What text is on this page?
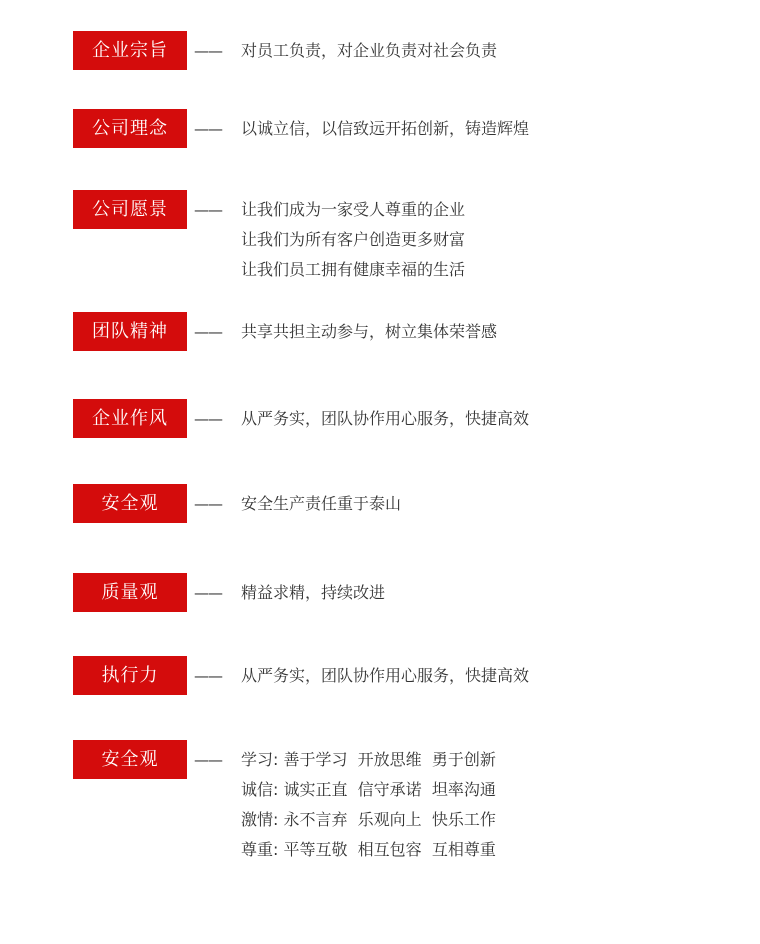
企业宗旨	—— 对员工负责，对企业负责对社会负责
公司理念	—— 以诚立信，以信致远开拓创新，铸造辉煌
公司愿景	—— 让我们成为一家受人尊重的企业
让我们为所有客户创造更多财富
让我们员工拥有健康幸福的生活
团队精神	—— 共享共担主动参与，树立集体荣誉感
企业作风	—— 从严务实，团队协作用心服务，快捷高效
安全观	—— 安全生产责任重于泰山
质量观	—— 精益求精，持续改进
执行力	—— 从严务实，团队协作用心服务，快捷高效
安全观	—— 学习: 善于学习  开放思维  勇于创新
诚信: 诚实正直  信守承诺  坦率沟通
激情: 永不言弃  乐观向上  快乐工作
尊重: 平等互敬  相互包容  互相尊重
